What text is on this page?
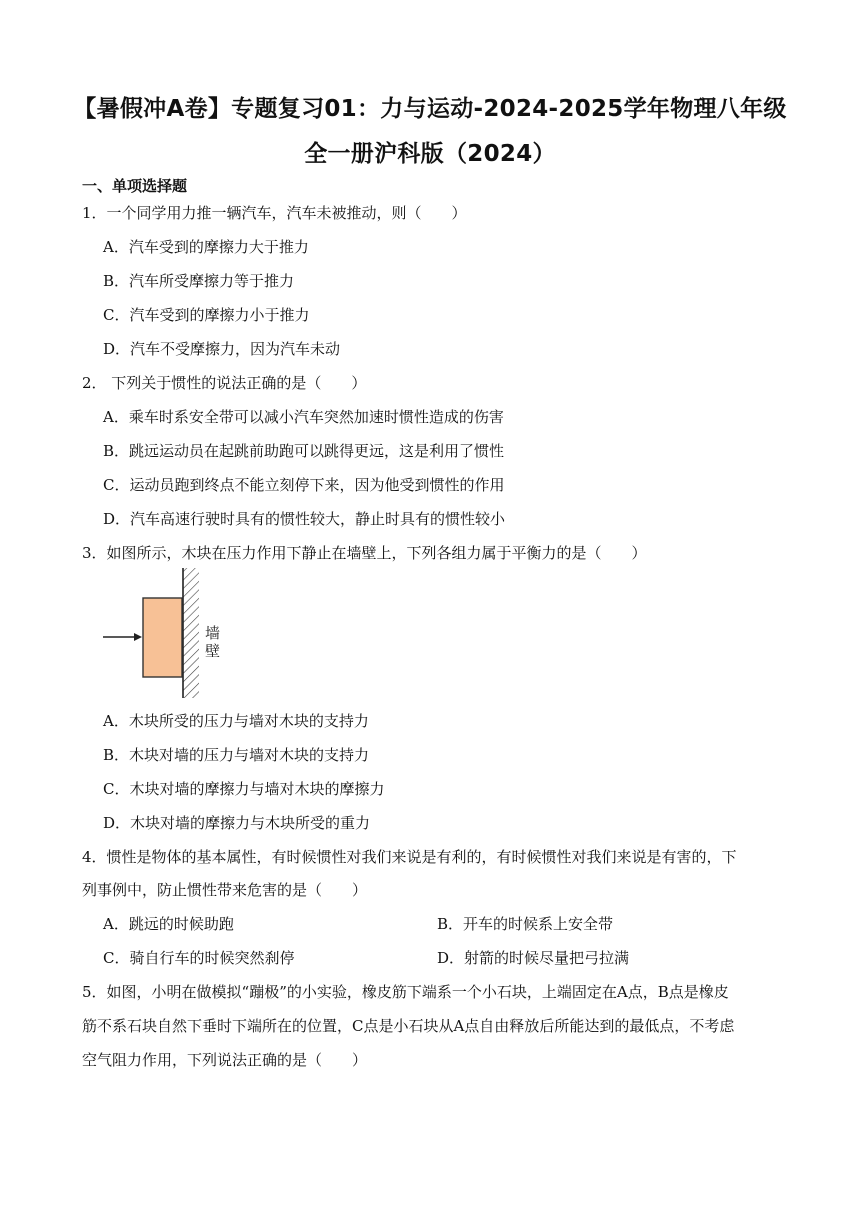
【暑假冲A卷】专题复习01：力与运动-2024-2025学年物理八年级
全一册沪科版（2024）
一、单项选择题
1．一个同学用力推一辆汽车，汽车未被推动，则（　　）
A．汽车受到的摩擦力大于推力
B．汽车所受摩擦力等于推力
C．汽车受到的摩擦力小于推力
D．汽车不受摩擦力，因为汽车未动
2． 下列关于惯性的说法正确的是（　　）
A．乘车时系安全带可以减小汽车突然加速时惯性造成的伤害
B．跳远运动员在起跳前助跑可以跳得更远，这是利用了惯性
C．运动员跑到终点不能立刻停下来，因为他受到惯性的作用
D．汽车高速行驶时具有的惯性较大，静止时具有的惯性较小
3．如图所示，木块在压力作用下静止在墙壁上，下列各组力属于平衡力的是（　　）
墙
壁
A．木块所受的压力与墙对木块的支持力
B．木块对墙的压力与墙对木块的支持力
C．木块对墙的摩擦力与墙对木块的摩擦力
D．木块对墙的摩擦力与木块所受的重力
4．惯性是物体的基本属性，有时候惯性对我们来说是有利的，有时候惯性对我们来说是有害的，下
列事例中，防止惯性带来危害的是（　　）
A．跳远的时候助跑	B．开车的时候系上安全带
C．骑自行车的时候突然刹停	D．射箭的时候尽量把弓拉满
5．如图，小明在做模拟“蹦极”的小实验，橡皮筋下端系一个小石块，上端固定在A点，B点是橡皮
筋不系石块自然下垂时下端所在的位置，C点是小石块从A点自由释放后所能达到的最低点，不考虑
空气阻力作用，下列说法正确的是（　　）
